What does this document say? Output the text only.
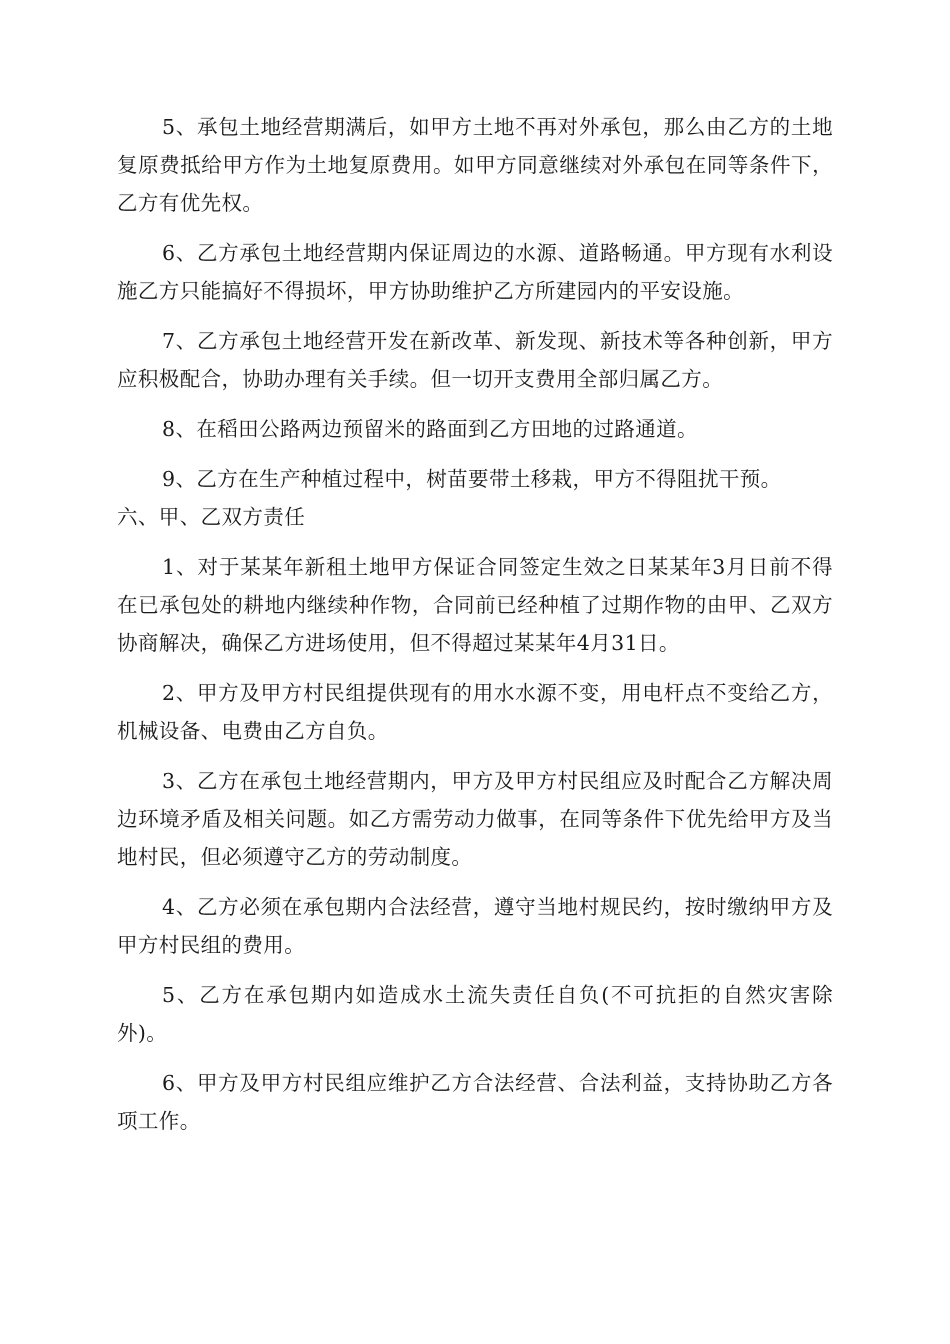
5、承包土地经营期满后，如甲方土地不再对外承包，那么由乙方的土地复原费抵给甲方作为土地复原费用。如甲方同意继续对外承包在同等条件下，乙方有优先权。

6、乙方承包土地经营期内保证周边的水源、道路畅通。甲方现有水利设施乙方只能搞好不得损坏，甲方协助维护乙方所建园内的平安设施。

7、乙方承包土地经营开发在新改革、新发现、新技术等各种创新，甲方应积极配合，协助办理有关手续。但一切开支费用全部归属乙方。

8、在稻田公路两边预留米的路面到乙方田地的过路通道。

9、乙方在生产种植过程中，树苗要带土移栽，甲方不得阻扰干预。

六、甲、乙双方责任

1、对于某某年新租土地甲方保证合同签定生效之日某某年3月日前不得在已承包处的耕地内继续种作物，合同前已经种植了过期作物的由甲、乙双方协商解决，确保乙方进场使用，但不得超过某某年4月31日。

2、甲方及甲方村民组提供现有的用水水源不变，用电杆点不变给乙方，机械设备、电费由乙方自负。

3、乙方在承包土地经营期内，甲方及甲方村民组应及时配合乙方解决周边环境矛盾及相关问题。如乙方需劳动力做事，在同等条件下优先给甲方及当地村民，但必须遵守乙方的劳动制度。

4、乙方必须在承包期内合法经营，遵守当地村规民约，按时缴纳甲方及甲方村民组的费用。

5、乙方在承包期内如造成水土流失责任自负(不可抗拒的自然灾害除外)。

6、甲方及甲方村民组应维护乙方合法经营、合法利益，支持协助乙方各项工作。
